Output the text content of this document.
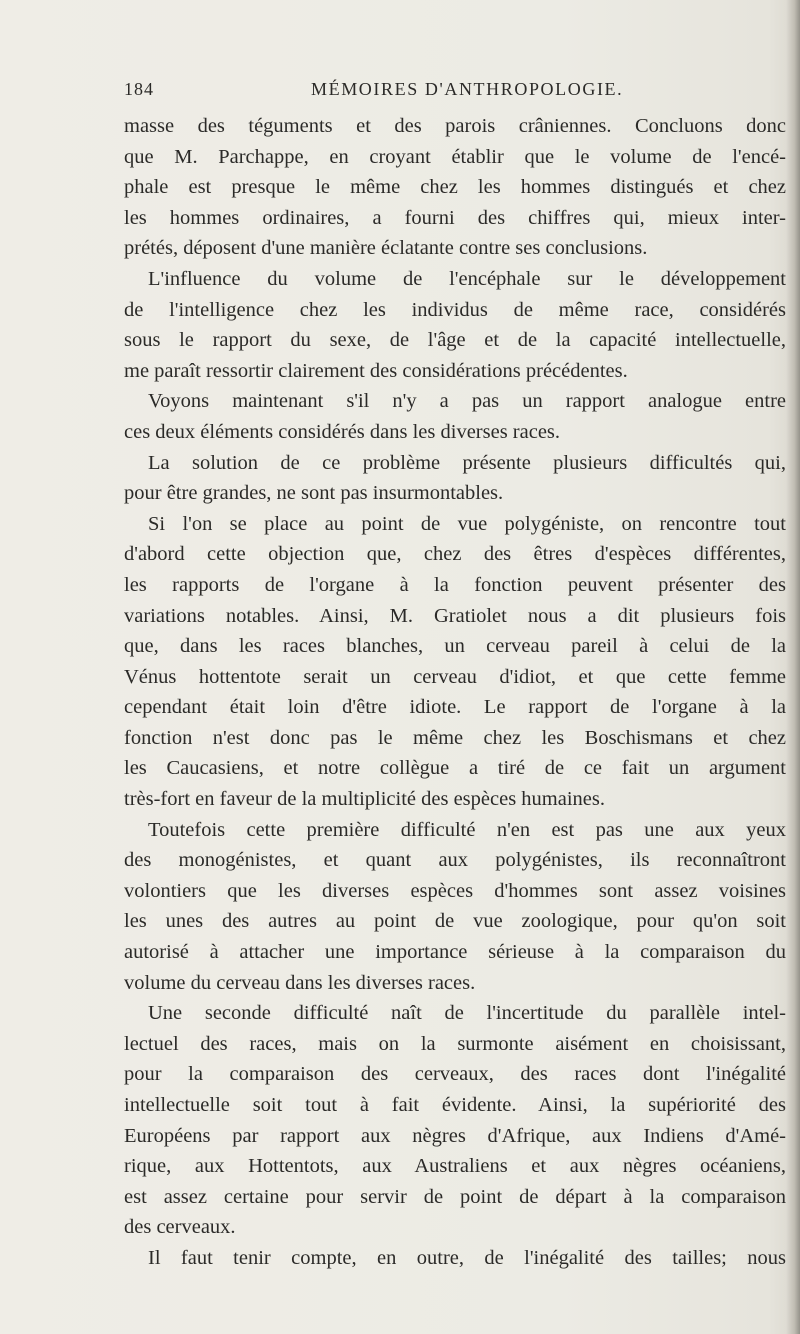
184	MÉMOIRES D'ANTHROPOLOGIE.
masse des téguments et des parois crâniennes. Concluons donc
que M. Parchappe, en croyant établir que le volume de l'encé-
phale est presque le même chez les hommes distingués et chez
les hommes ordinaires, a fourni des chiffres qui, mieux inter-
prétés, déposent d'une manière éclatante contre ses conclusions.
L'influence du volume de l'encéphale sur le développement
de l'intelligence chez les individus de même race, considérés
sous le rapport du sexe, de l'âge et de la capacité intellectuelle,
me paraît ressortir clairement des considérations précédentes.
Voyons maintenant s'il n'y a pas un rapport analogue entre
ces deux éléments considérés dans les diverses races.
La solution de ce problème présente plusieurs difficultés qui,
pour être grandes, ne sont pas insurmontables.
Si l'on se place au point de vue polygéniste, on rencontre tout
d'abord cette objection que, chez des êtres d'espèces différentes,
les rapports de l'organe à la fonction peuvent présenter des
variations notables. Ainsi, M. Gratiolet nous a dit plusieurs fois
que, dans les races blanches, un cerveau pareil à celui de la
Vénus hottentote serait un cerveau d'idiot, et que cette femme
cependant était loin d'être idiote. Le rapport de l'organe à la
fonction n'est donc pas le même chez les Boschismans et chez
les Caucasiens, et notre collègue a tiré de ce fait un argument
très-fort en faveur de la multiplicité des espèces humaines.
Toutefois cette première difficulté n'en est pas une aux yeux
des monogénistes, et quant aux polygénistes, ils reconnaîtront
volontiers que les diverses espèces d'hommes sont assez voisines
les unes des autres au point de vue zoologique, pour qu'on soit
autorisé à attacher une importance sérieuse à la comparaison du
volume du cerveau dans les diverses races.
Une seconde difficulté naît de l'incertitude du parallèle intel-
lectuel des races, mais on la surmonte aisément en choisissant,
pour la comparaison des cerveaux, des races dont l'inégalité
intellectuelle soit tout à fait évidente. Ainsi, la supériorité des
Européens par rapport aux nègres d'Afrique, aux Indiens d'Amé-
rique, aux Hottentots, aux Australiens et aux nègres océaniens,
est assez certaine pour servir de point de départ à la comparaison
des cerveaux.
Il faut tenir compte, en outre, de l'inégalité des tailles; nous
